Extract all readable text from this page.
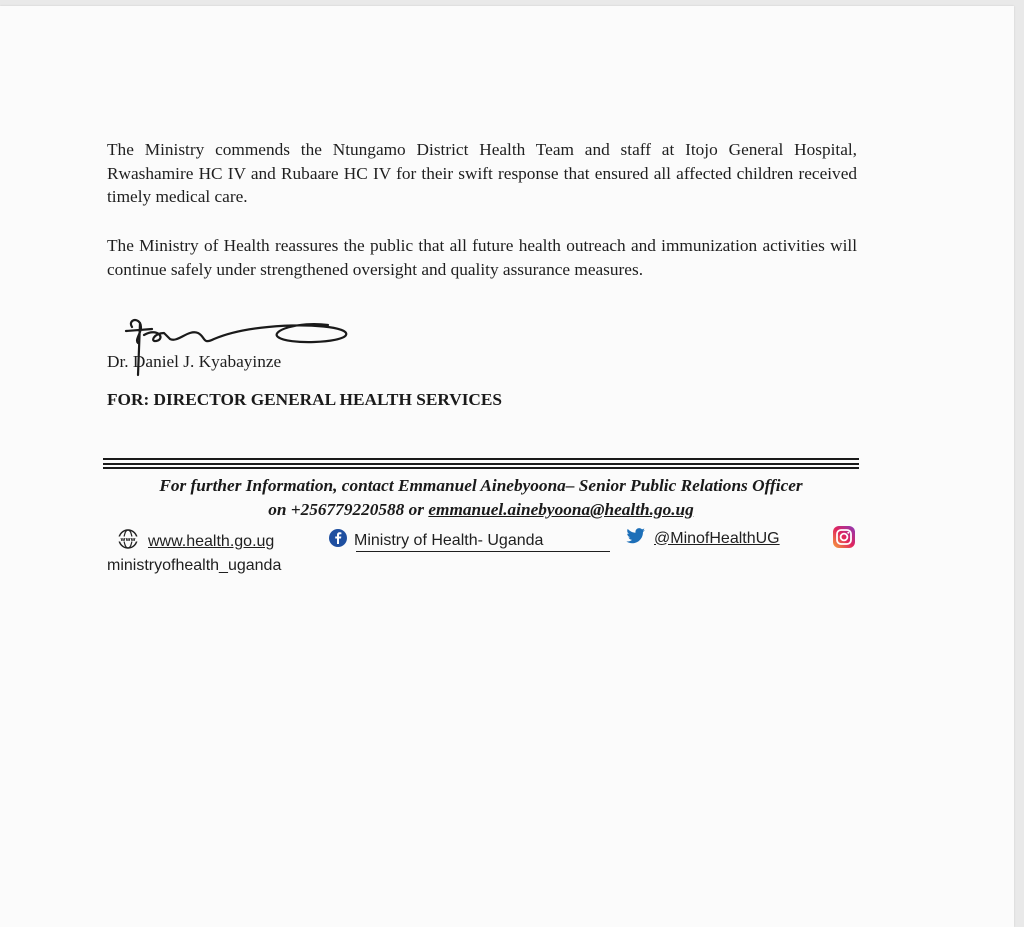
The Ministry commends the Ntungamo District Health Team and staff at Itojo General Hospital, Rwashamire HC IV and Rubaare HC IV for their swift response that ensured all affected children received timely medical care.

The Ministry of Health reassures the public that all future health outreach and immunization activities will continue safely under strengthened oversight and quality assurance measures.

Dr. Daniel J. Kyabayinze
FOR: DIRECTOR GENERAL HEALTH SERVICES
For further Information, contact Emmanuel Ainebyoona– Senior Public Relations Officer
on +256779220588 or emmanuel.ainebyoona@health.go.ug
www www.health.go.ug	Ministry of Health- Uganda	@MinofHealthUG
ministryofhealth_uganda
